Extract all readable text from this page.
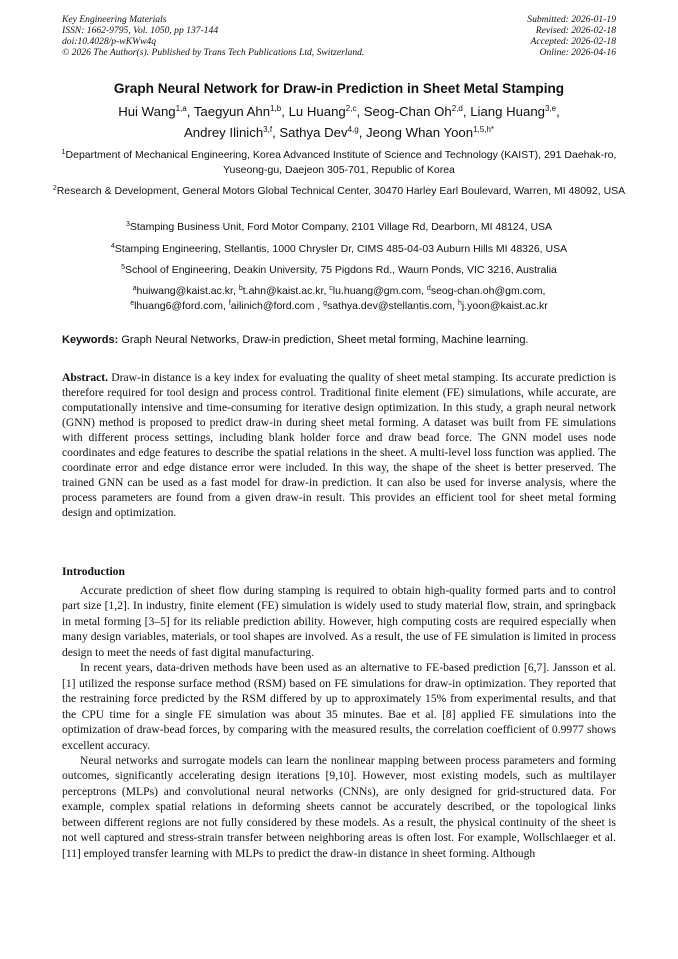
Key Engineering Materials
ISSN: 1662-9795, Vol. 1050, pp 137-144
doi:10.4028/p-wKWw4q
© 2026 The Author(s). Published by Trans Tech Publications Ltd, Switzerland.
Submitted: 2026-01-19
Revised: 2026-02-18
Accepted: 2026-02-18
Online: 2026-04-16
Graph Neural Network for Draw-in Prediction in Sheet Metal Stamping
Hui Wang$^{1,a}$, Taegyun Ahn$^{1,b}$, Lu Huang$^{2,c}$, Seog-Chan Oh$^{2,d}$, Liang Huang$^{3,e}$,
Andrey Ilinich$^{3,f}$, Sathya Dev$^{4,g}$, Jeong Whan Yoon$^{1,5,h*}$
$^1$Department of Mechanical Engineering, Korea Advanced Institute of Science and Technology (KAIST), 291 Daehak-ro, Yuseong-gu, Daejeon 305-701, Republic of Korea
$^2$Research & Development, General Motors Global Technical Center, 30470 Harley Earl Boulevard, Warren, MI 48092, USA
$^3$Stamping Business Unit, Ford Motor Company, 2101 Village Rd, Dearborn, MI 48124, USA
$^4$Stamping Engineering, Stellantis, 1000 Chrysler Dr, CIMS 485-04-03 Auburn Hills MI 48326, USA
$^5$School of Engineering, Deakin University, 75 Pigdons Rd., Waurn Ponds, VIC 3216, Australia
$^a$huiwang@kaist.ac.kr, $^b$t.ahn@kaist.ac.kr, $^c$lu.huang@gm.com, $^d$seog-chan.oh@gm.com,
$^e$lhuang6@ford.com, $^f$ailinich@ford.com , $^g$sathya.dev@stellantis.com, $^h$j.yoon@kaist.ac.kr
Keywords: Graph Neural Networks, Draw-in prediction, Sheet metal forming, Machine learning.
Abstract. Draw-in distance is a key index for evaluating the quality of sheet metal stamping. Its accurate prediction is therefore required for tool design and process control. Traditional finite element (FE) simulations, while accurate, are computationally intensive and time-consuming for iterative design optimization. In this study, a graph neural network (GNN) method is proposed to predict draw-in during sheet metal forming. A dataset was built from FE simulations with different process settings, including blank holder force and draw bead force. The GNN model uses node coordinates and edge features to describe the spatial relations in the sheet. A multi-level loss function was applied. The coordinate error and edge distance error were included. In this way, the shape of the sheet is better preserved. The trained GNN can be used as a fast model for draw-in prediction. It can also be used for inverse analysis, where the process parameters are found from a given draw-in result. This provides an efficient tool for sheet metal forming design and optimization.
Introduction

Accurate prediction of sheet flow during stamping is required to obtain high-quality formed parts and to control part size [1,2]. In industry, finite element (FE) simulation is widely used to study material flow, strain, and springback in metal forming [3–5] for its reliable prediction ability. However, high computing costs are required especially when many design variables, materials, or tool shapes are involved. As a result, the use of FE simulation is limited in process design to meet the needs of fast digital manufacturing.

In recent years, data-driven methods have been used as an alternative to FE-based prediction [6,7]. Jansson et al. [1] utilized the response surface method (RSM) based on FE simulations for draw-in optimization. They reported that the restraining force predicted by the RSM differed by up to approximately 15% from experimental results, and that the CPU time for a single FE simulation was about 35 minutes. Bae et al. [8] applied FE simulations into the optimization of draw-bead forces, by comparing with the measured results, the correlation coefficient of 0.9977 shows excellent accuracy.

Neural networks and surrogate models can learn the nonlinear mapping between process parameters and forming outcomes, significantly accelerating design iterations [9,10]. However, most existing models, such as multilayer perceptrons (MLPs) and convolutional neural networks (CNNs), are only designed for grid-structured data. For example, complex spatial relations in deforming sheets cannot be accurately described, or the topological links between different regions are not fully considered by these models. As a result, the physical continuity of the sheet is not well captured and stress-strain transfer between neighboring areas is often lost. For example, Wollschlaeger et al. [11] employed transfer learning with MLPs to predict the draw-in distance in sheet forming. Although
